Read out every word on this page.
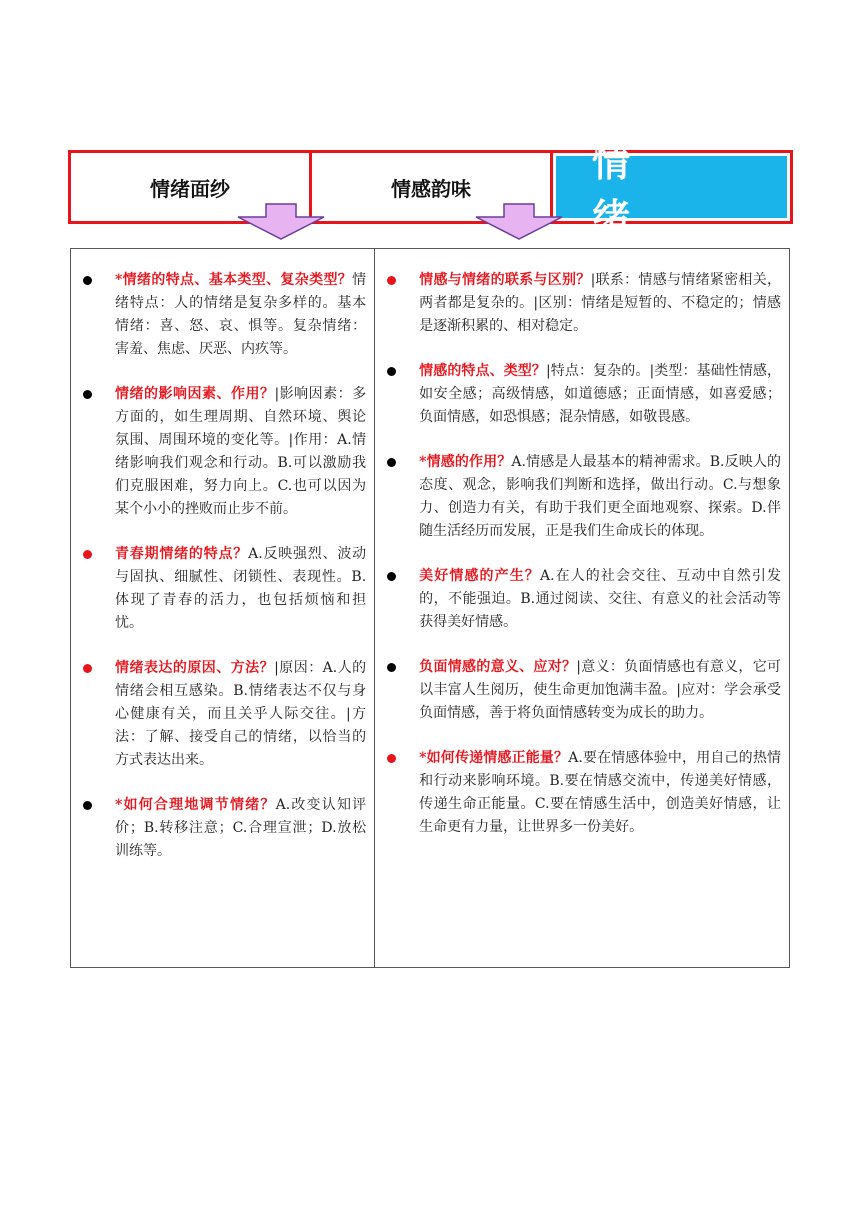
情绪面纱	情感韵味
情 绪
*情绪的特点、基本类型、复杂类型？情绪特点：人的情绪是复杂多样的。基本情绪：喜、怒、哀、惧等。复杂情绪：害羞、焦虑、厌恶、内疚等。
情绪的影响因素、作用？|影响因素：多方面的，如生理周期、自然环境、舆论氛围、周围环境的变化等。|作用：A.情绪影响我们观念和行动。B.可以激励我们克服困难，努力向上。C.也可以因为某个小小的挫败而止步不前。
青春期情绪的特点？A.反映强烈、波动与固执、细腻性、闭锁性、表现性。B.体现了青春的活力，也包括烦恼和担忧。
情绪表达的原因、方法？|原因：A.人的情绪会相互感染。B.情绪表达不仅与身心健康有关，而且关乎人际交往。|方法：了解、接受自己的情绪，以恰当的方式表达出来。
*如何合理地调节情绪？A.改变认知评价；B.转移注意；C.合理宣泄；D.放松训练等。
情感与情绪的联系与区别？|联系：情感与情绪紧密相关，两者都是复杂的。|区别：情绪是短暂的、不稳定的；情感是逐渐积累的、相对稳定。
情感的特点、类型？|特点：复杂的。|类型：基础性情感，如安全感；高级情感，如道德感；正面情感，如喜爱感；负面情感，如恐惧感；混杂情感，如敬畏感。
*情感的作用？A.情感是人最基本的精神需求。B.反映人的态度、观念，影响我们判断和选择，做出行动。C.与想象力、创造力有关，有助于我们更全面地观察、探索。D.伴随生活经历而发展，正是我们生命成长的体现。
美好情感的产生？A.在人的社会交往、互动中自然引发的，不能强迫。B.通过阅读、交往、有意义的社会活动等获得美好情感。
负面情感的意义、应对？|意义：负面情感也有意义，它可以丰富人生阅历，使生命更加饱满丰盈。|应对：学会承受负面情感，善于将负面情感转变为成长的助力。
*如何传递情感正能量？A.要在情感体验中，用自己的热情和行动来影响环境。B.要在情感交流中，传递美好情感，传递生命正能量。C.要在情感生活中，创造美好情感，让生命更有力量，让世界多一份美好。
